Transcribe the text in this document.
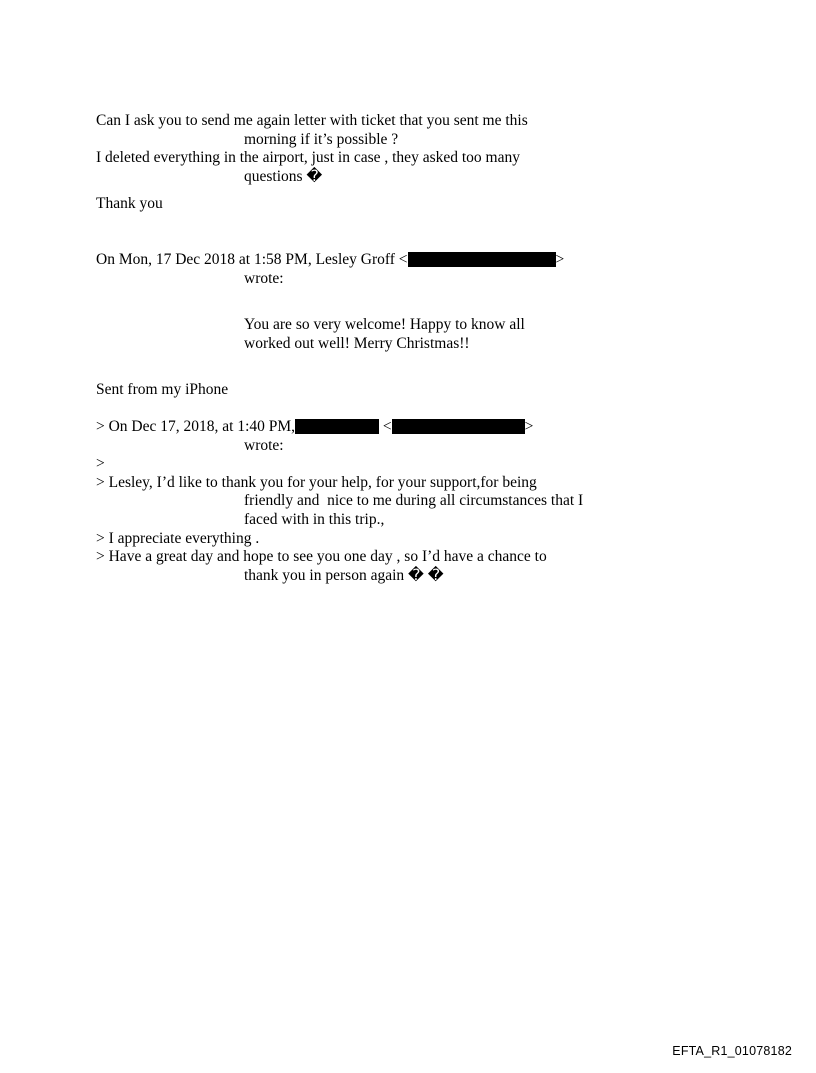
Can I ask you to send me again letter with ticket that you sent me this
morning if it’s possible ?

I deleted everything in the airport, just in case , they asked too many
questions �

Thank you

On Mon, 17 Dec 2018 at 1:58 PM, Lesley Groff <	>
wrote:
You are so very welcome! Happy to know all
worked out well! Merry Christmas!!

Sent from my iPhone

> On Dec 17, 2018, at 1:40 PM,	<	>
wrote:

>

> Lesley, I’d like to thank you for your help, for your support,for being
friendly and  nice to me during all circumstances that I

faced with in this trip.,

> I appreciate everything .

> Have a great day and hope to see you one day , so I’d have a chance to
thank you in person again � �

EFTA_R1_01078182
